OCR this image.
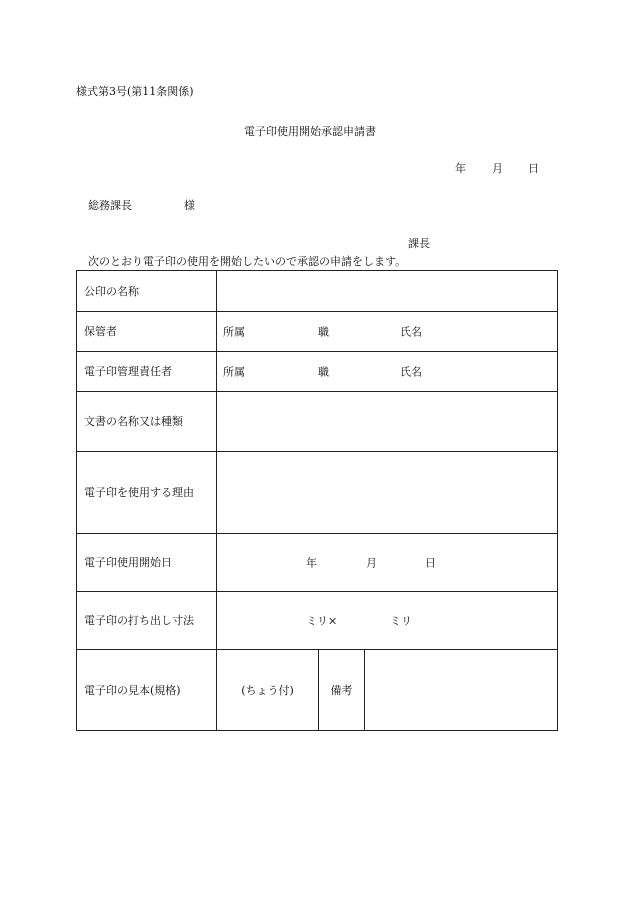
様式第3号(第11条関係)
電子印使用開始承認申請書
年 月 日
総務課長	様
課長
次のとおり電子印の使用を開始したいので承認の申請をします。
公印の名称			
保管者	所属 職 氏名		

電子印管理責任者	所属 職 氏名		

文書の名称又は種類			
電子印を使用する理由			
電子印使用開始日	年 月 日		

電子印の打ち出し寸法	ミリ× ミリ		

電子印の見本(規格)	(ちょう付)	備考	
